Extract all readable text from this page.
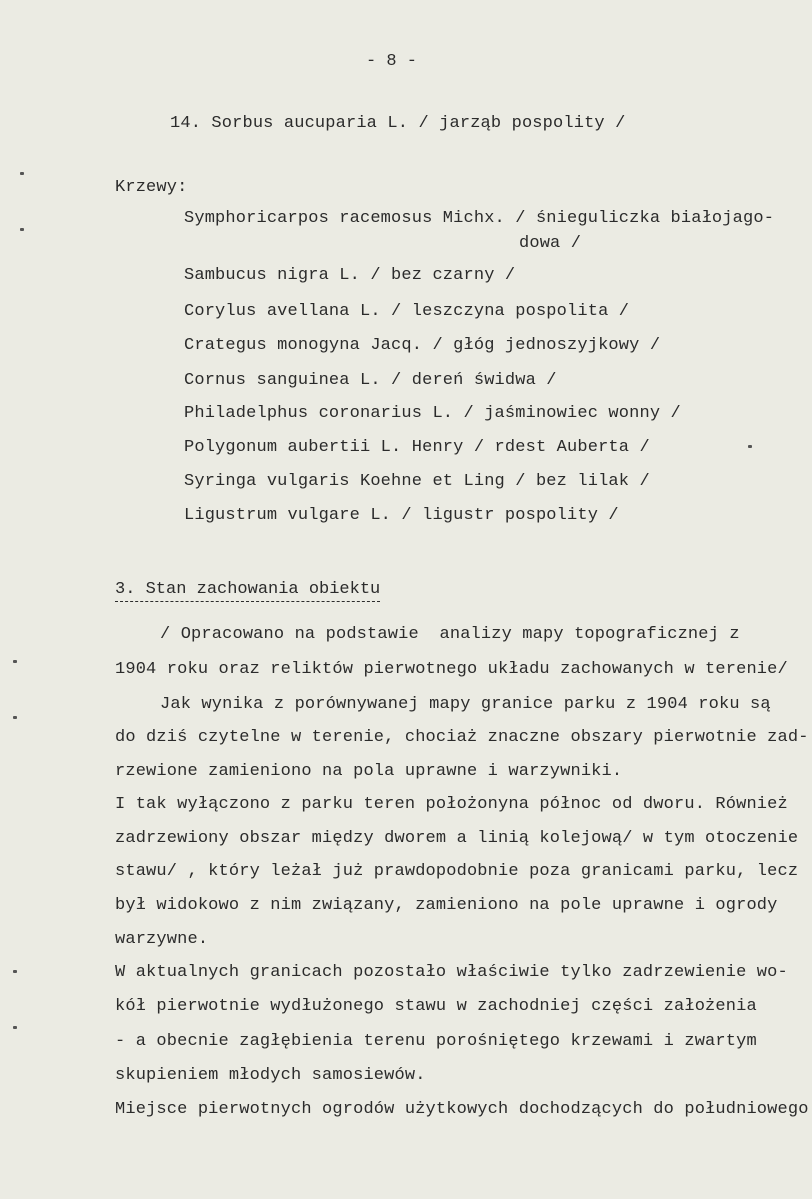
- 8 -
14. Sorbus aucuparia L. / jarząb pospolity /
Krzewy:
Symphoricarpos racemosus Michx. / śnieguliczka białojago-
dowa /
Sambucus nigra L. / bez czarny /
Corylus avellana L. / leszczyna pospolita /
Crategus monogyna Jacq. / głóg jednoszyjkowy /
Cornus sanguinea L. / dereń świdwa /
Philadelphus coronarius L. / jaśminowiec wonny /
Polygonum aubertii L. Henry / rdest Auberta /
Syringa vulgaris Koehne et Ling / bez lilak /
Ligustrum vulgare L. / ligustr pospolity /
3. Stan zachowania obiektu
/ Opracowano na podstawie  analizy mapy topograficznej z
1904 roku oraz reliktów pierwotnego układu zachowanych w terenie/
Jak wynika z porównywanej mapy granice parku z 1904 roku są
do dziś czytelne w terenie, chociaż znaczne obszary pierwotnie zad-
rzewione zamieniono na pola uprawne i warzywniki.
I tak wyłączono z parku teren położonyna północ od dworu. Również
zadrzewiony obszar między dworem a linią kolejową/ w tym otoczenie
stawu/ , który leżał już prawdopodobnie poza granicami parku, lecz
był widokowo z nim związany, zamieniono na pole uprawne i ogrody
warzywne.
W aktualnych granicach pozostało właściwie tylko zadrzewienie wo-
kół pierwotnie wydłużonego stawu w zachodniej części założenia
- a obecnie zagłębienia terenu porośniętego krzewami i zwartym
skupieniem młodych samosiewów.
Miejsce pierwotnych ogrodów użytkowych dochodzących do południowego
